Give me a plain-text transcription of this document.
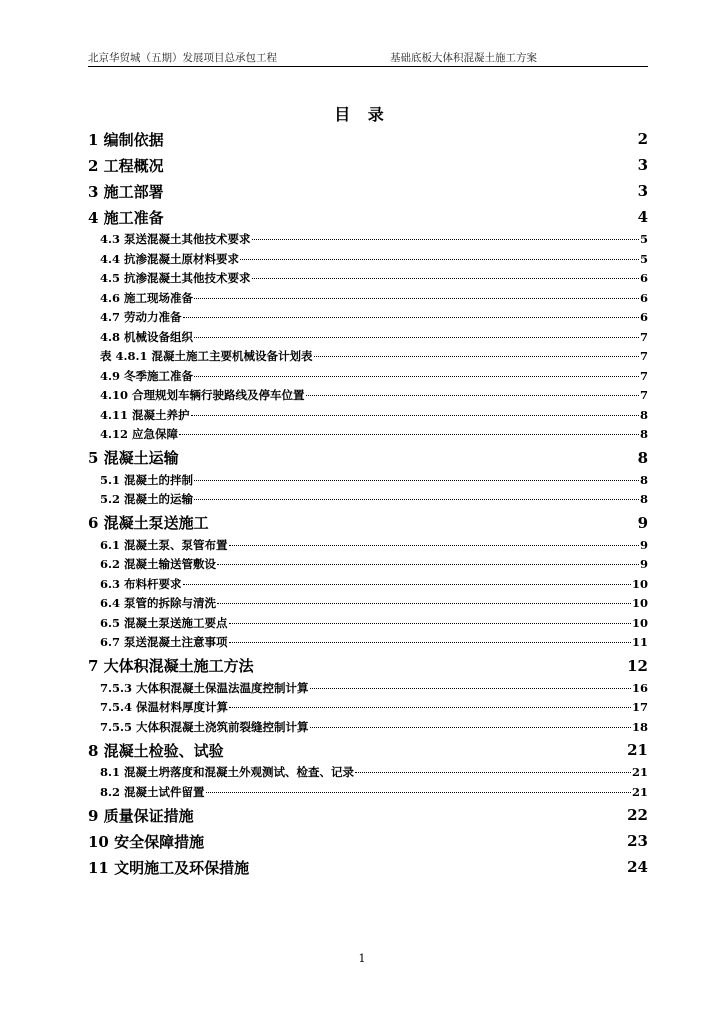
北京华贸城（五期）发展项目总承包工程	基础底板大体积混凝土施工方案
目 录
1 编制依据	2
2 工程概况	3
3 施工部署	3
4 施工准备	4
4.3 泵送混凝土其他技术要求	5
4.4 抗渗混凝土原材料要求	5
4.5 抗渗混凝土其他技术要求	6
4.6 施工现场准备	6
4.7 劳动力准备	6
4.8 机械设备组织	7
表 4.8.1 混凝土施工主要机械设备计划表	7
4.9 冬季施工准备	7
4.10 合理规划车辆行驶路线及停车位置	7
4.11 混凝土养护	8
4.12 应急保障	8
5 混凝土运输	8
5.1 混凝土的拌制	8
5.2 混凝土的运输	8
6 混凝土泵送施工	9
6.1 混凝土泵、泵管布置	9
6.2 混凝土输送管敷设	9
6.3 布料杆要求	10
6.4 泵管的拆除与清洗	10
6.5 混凝土泵送施工要点	10
6.7 泵送混凝土注意事项	11
7 大体积混凝土施工方法	12
7.5.3 大体积混凝土保温法温度控制计算	16
7.5.4 保温材料厚度计算	17
7.5.5 大体积混凝土浇筑前裂缝控制计算	18
8 混凝土检验、试验	21
8.1 混凝土坍落度和混凝土外观测试、检查、记录	21
8.2 混凝土试件留置	21
9 质量保证措施	22
10 安全保障措施	23
11 文明施工及环保措施	24
1
